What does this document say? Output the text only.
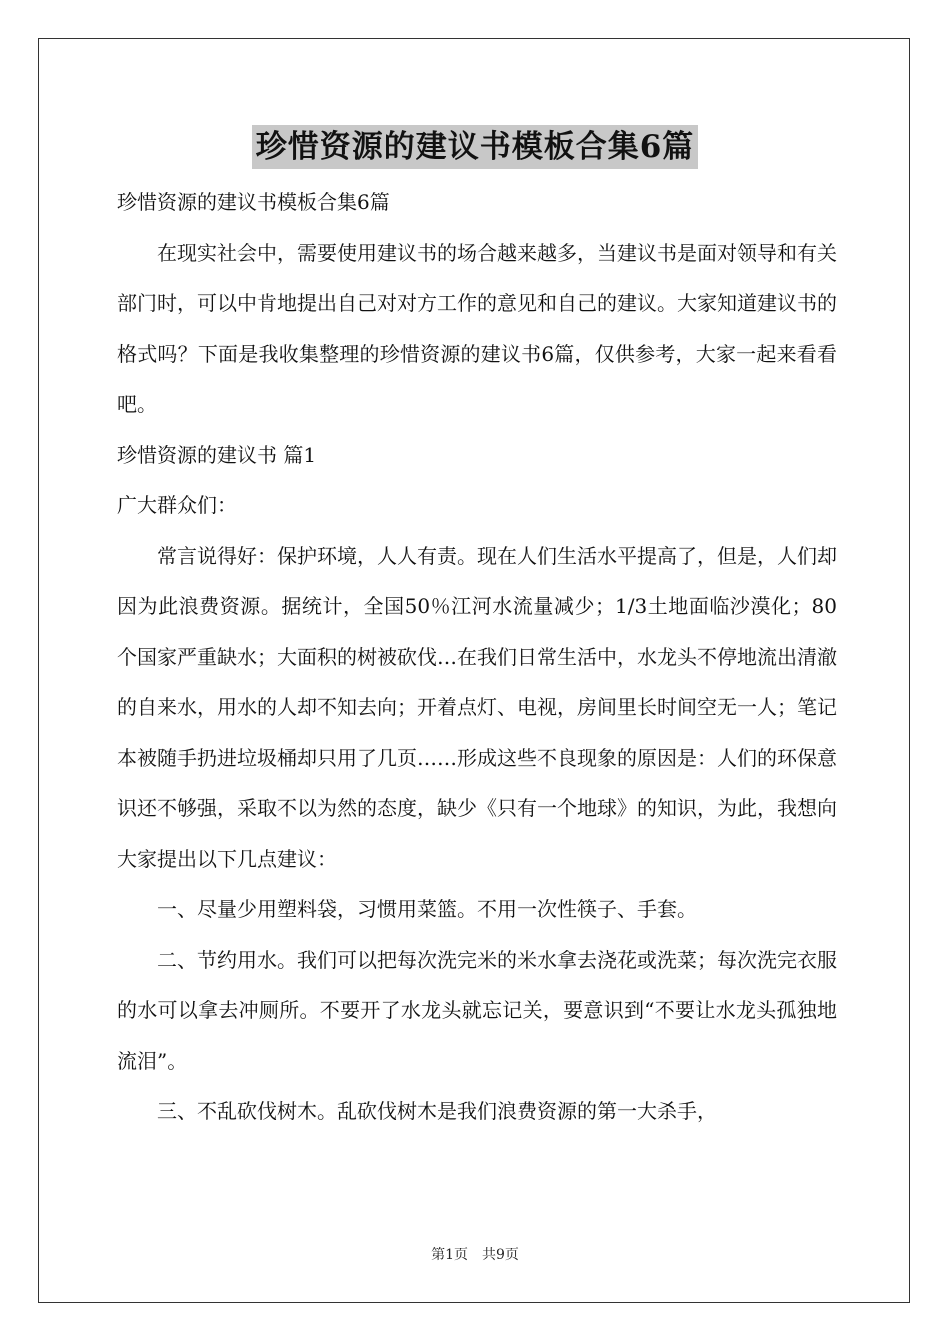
珍惜资源的建议书模板合集6篇

珍惜资源的建议书模板合集6篇

在现实社会中，需要使用建议书的场合越来越多，当建议书是面对领导和有关部门时，可以中肯地提出自己对对方工作的意见和自己的建议。大家知道建议书的格式吗？下面是我收集整理的珍惜资源的建议书6篇，仅供参考，大家一起来看看吧。

珍惜资源的建议书 篇1

广大群众们：

常言说得好：保护环境，人人有责。现在人们生活水平提高了，但是，人们却因为此浪费资源。据统计，全国50％江河水流量减少；1/3土地面临沙漠化；80个国家严重缺水；大面积的树被砍伐…在我们日常生活中，水龙头不停地流出清澈的自来水，用水的人却不知去向；开着点灯、电视，房间里长时间空无一人；笔记本被随手扔进垃圾桶却只用了几页……形成这些不良现象的原因是：人们的环保意识还不够强，采取不以为然的态度，缺少《只有一个地球》的知识，为此，我想向大家提出以下几点建议：

一、尽量少用塑料袋，习惯用菜篮。不用一次性筷子、手套。

二、节约用水。我们可以把每次洗完米的米水拿去浇花或洗菜；每次洗完衣服的水可以拿去冲厕所。不要开了水龙头就忘记关，要意识到“不要让水龙头孤独地流泪”。

三、不乱砍伐树木。乱砍伐树木是我们浪费资源的第一大杀手，

第1页　共9页
